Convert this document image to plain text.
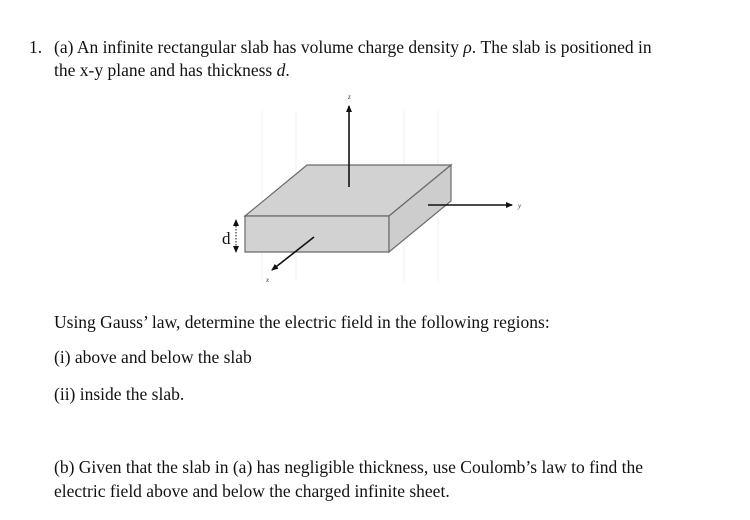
1. (a) An infinite rectangular slab has volume charge density ρ. The slab is positioned in
the x-y plane and has thickness d.
z
y
x
d
Using Gauss’ law, determine the electric field in the following regions:
(i) above and below the slab
(ii) inside the slab.
(b) Given that the slab in (a) has negligible thickness, use Coulomb’s law to find the
electric field above and below the charged infinite sheet.
